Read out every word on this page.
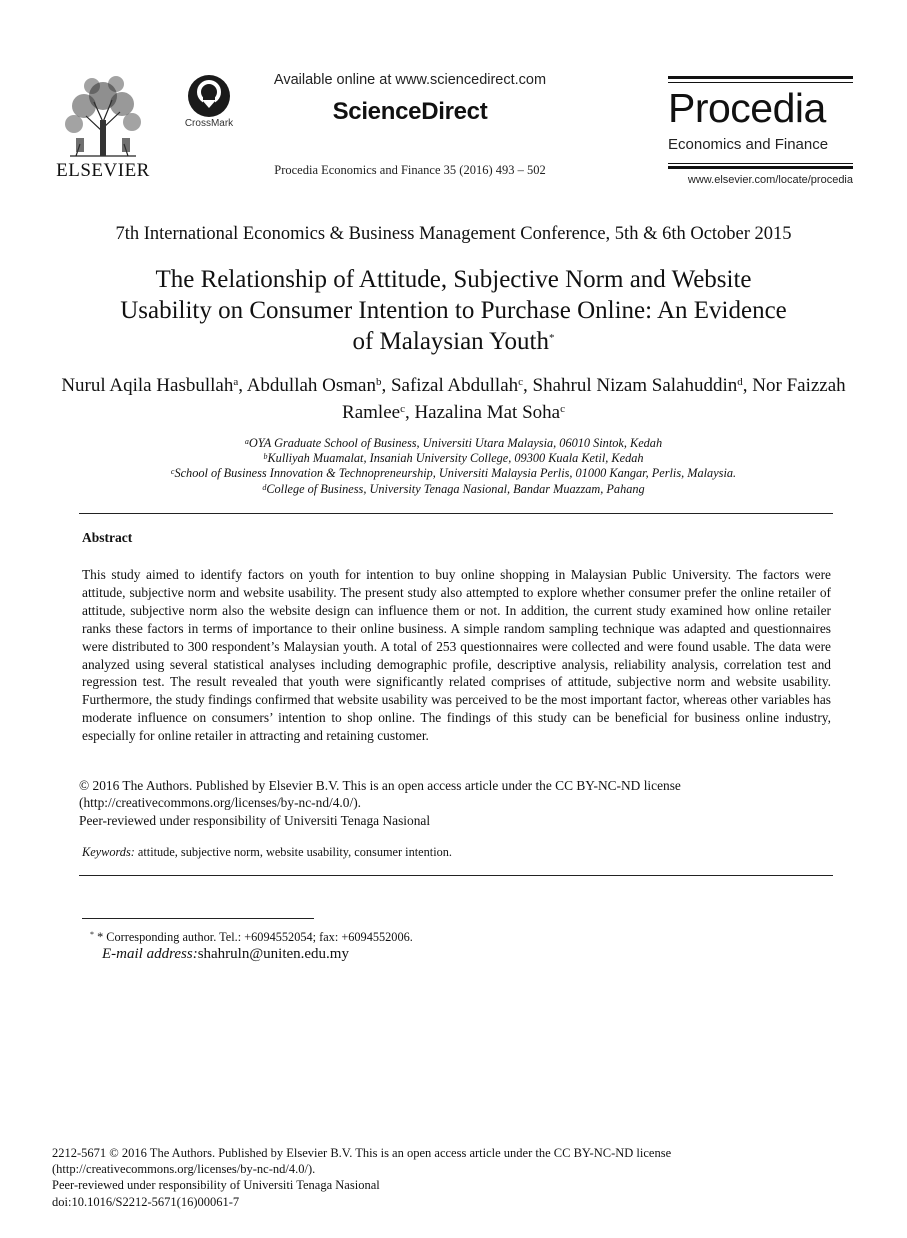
ELSEVIER
CrossMark
Available online at www.sciencedirect.com
ScienceDirect
Procedia Economics and Finance 35 (2016) 493 – 502
Procedia
Economics and Finance
www.elsevier.com/locate/procedia
7th International Economics & Business Management Conference, 5th & 6th October 2015
The Relationship of Attitude, Subjective Norm and Website
Usability on Consumer Intention to Purchase Online: An Evidence
of Malaysian Youth*
Nurul Aqila Hasbullah$^a$, Abdullah Osman$^b$, Safizal Abdullah$^c$, Shahrul Nizam Salahuddin$^d$, Nor Faizzah Ramlee$^c$, Hazalina Mat Soha$^c$
$^a$OYA Graduate School of Business, Universiti Utara Malaysia, 06010 Sintok, Kedah
$^b$Kulliyah Muamalat, Insaniah University College, 09300 Kuala Ketil, Kedah
$^c$School of Business Innovation & Technopreneurship, Universiti Malaysia Perlis, 01000 Kangar, Perlis, Malaysia.
$^d$College of Business, University Tenaga Nasional, Bandar Muazzam, Pahang
Abstract
This study aimed to identify factors on youth for intention to buy online shopping in Malaysian Public University. The factors were attitude, subjective norm and website usability. The present study also attempted to explore whether consumer prefer the online retailer of attitude, subjective norm also the website design can influence them or not. In addition, the current study examined how online retailer ranks these factors in terms of importance to their online business. A simple random sampling technique was adapted and questionnaires were distributed to 300 respondent’s Malaysian youth. A total of 253 questionnaires were collected and were found usable. The data were analyzed using several statistical analyses including demographic profile, descriptive analysis, reliability analysis, correlation test and regression test. The result revealed that youth were significantly related comprises of attitude, subjective norm and website usability. Furthermore, the study findings confirmed that website usability was perceived to be the most important factor, whereas other variables has moderate influence on consumers’ intention to shop online. The findings of this study can be beneficial for business online industry, especially for online retailer in attracting and retaining customer.
© 2016 The Authors. Published by Elsevier B.V. This is an open access article under the CC BY-NC-ND license
(http://creativecommons.org/licenses/by-nc-nd/4.0/).
Peer-reviewed under responsibility of Universiti Tenaga Nasional
Keywords: attitude, subjective norm, website usability, consumer intention.
* * Corresponding author. Tel.: +6094552054; fax: +6094552006.
E-mail address:shahruln@uniten.edu.my
2212-5671 © 2016 The Authors. Published by Elsevier B.V. This is an open access article under the CC BY-NC-ND license
(http://creativecommons.org/licenses/by-nc-nd/4.0/).
Peer-reviewed under responsibility of Universiti Tenaga Nasional
doi:10.1016/S2212-5671(16)00061-7
